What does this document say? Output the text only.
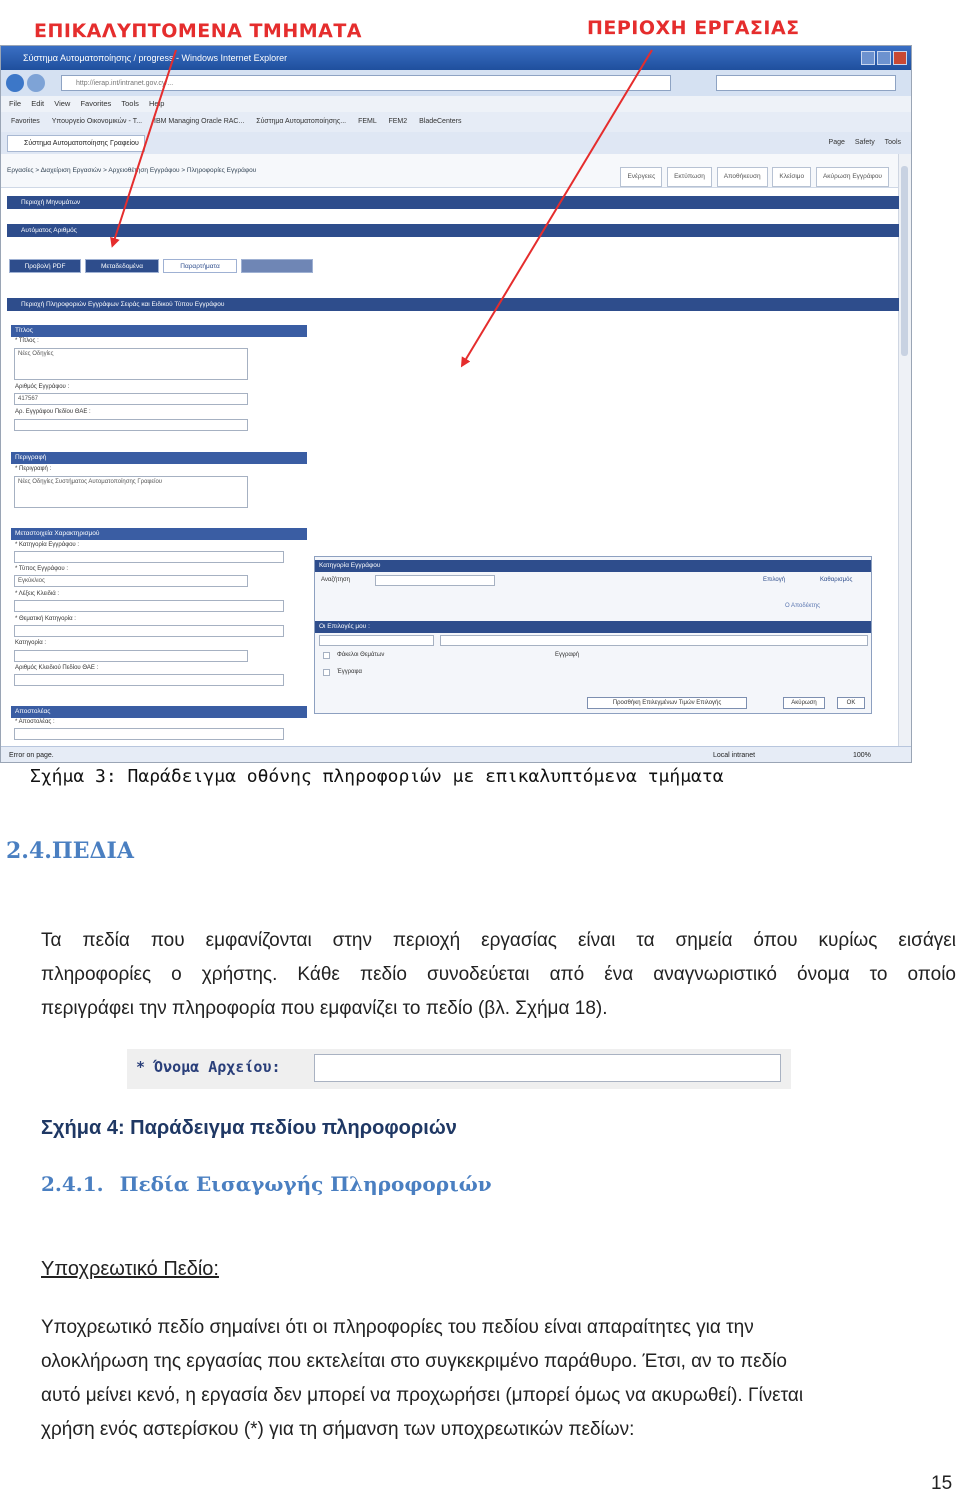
ΕΠΙΚΑΛΥΠΤΟΜΕΝΑ ΤΜΗΜΑΤΑ	ΠΕΡΙΟΧΗ ΕΡΓΑΣΙΑΣ
Σύστημα Αυτοματοποίησης / progress - Windows Internet Explorer
http://ierap.int/intranet.gov.cy/...
File Edit View Favorites Tools Help
Favorites Υπουργείο Οικονομικών - T... IBM Managing Oracle RAC... Σύστημα Αυτοματοποίησης... FEML FEM2 BladeCenters
Σύστημα Αυτοματοποίησης Γραφείου	Page Safety Tools
Εργασίες > Διαχείριση Εργασιών > Αρχειοθέτηση Εγγράφου > Πληροφορίες Εγγράφου
Ενέργειες	Εκτύπωση	Αποθήκευση	Κλείσιμο	Ακύρωση Εγγράφου
Περιοχή Μηνυμάτων
Αυτόματος Αριθμός
Προβολή PDF	Μεταδεδομένα	Παραρτήματα
Περιοχή Πληροφοριών Εγγράφων Σειράς και Ειδικού Τύπου Εγγράφου
Τίτλος
* Τίτλος :
Νέες Οδηγίες
Αριθμός Εγγράφου :
417567
Αρ. Εγγράφου Πεδίου ΘΑΕ :
Περιγραφή
* Περιγραφή :
Νέες Οδηγίες Συστήματος Αυτοματοποίησης Γραφείου
Μεταστοιχεία Χαρακτηρισμού
* Κατηγορία Εγγράφου :
* Τύπος Εγγράφου :
Εγκύκλιος
* Λέξεις Κλειδιά :
* Θεματική Κατηγορία :
Κατηγορία :
Αριθμός Κλειδιού Πεδίου ΘΑΕ :
Αποστολέας
* Αποστολέας :
Κατηγορία Εγγράφου
Αναζήτηση	Επιλογή	Καθαρισμός
Ο Αποδέκτης
Οι Επιλογές μου :
Φάκελοι Θεμάτων	Εγγραφή
Έγγραφα
Προσθήκη Επιλεγμένων Τιμών Επιλογής	Ακύρωση	ΟΚ
Error on page.	Local intranet	100%
Σχήμα 3: Παράδειγμα οθόνης πληροφοριών με επικαλυπτόμενα τμήματα
2.4.ΠΕΔΙΑ
Τα πεδία που εμφανίζονται στην περιοχή εργασίας είναι τα σημεία όπου κυρίως εισάγει
πληροφορίες ο χρήστης. Κάθε πεδίο συνοδεύεται από ένα αναγνωριστικό όνομα το οποίο
περιγράφει την πληροφορία που εμφανίζει το πεδίο (βλ. Σχήμα 18).
* Όνομα Αρχείου:
Σχήμα 4: Παράδειγμα πεδίου πληροφοριών
2.4.1. Πεδία Εισαγωγής Πληροφοριών
Υποχρεωτικό Πεδίο:
Υποχρεωτικό πεδίο σημαίνει ότι οι πληροφορίες του πεδίου είναι απαραίτητες για την
ολοκλήρωση της εργασίας που εκτελείται στο συγκεκριμένο παράθυρο. Έτσι, αν το πεδίο
αυτό μείνει κενό, η εργασία δεν μπορεί να προχωρήσει (μπορεί όμως να ακυρωθεί). Γίνεται
χρήση ενός αστερίσκου (*) για τη σήμανση των υποχρεωτικών πεδίων:
15
